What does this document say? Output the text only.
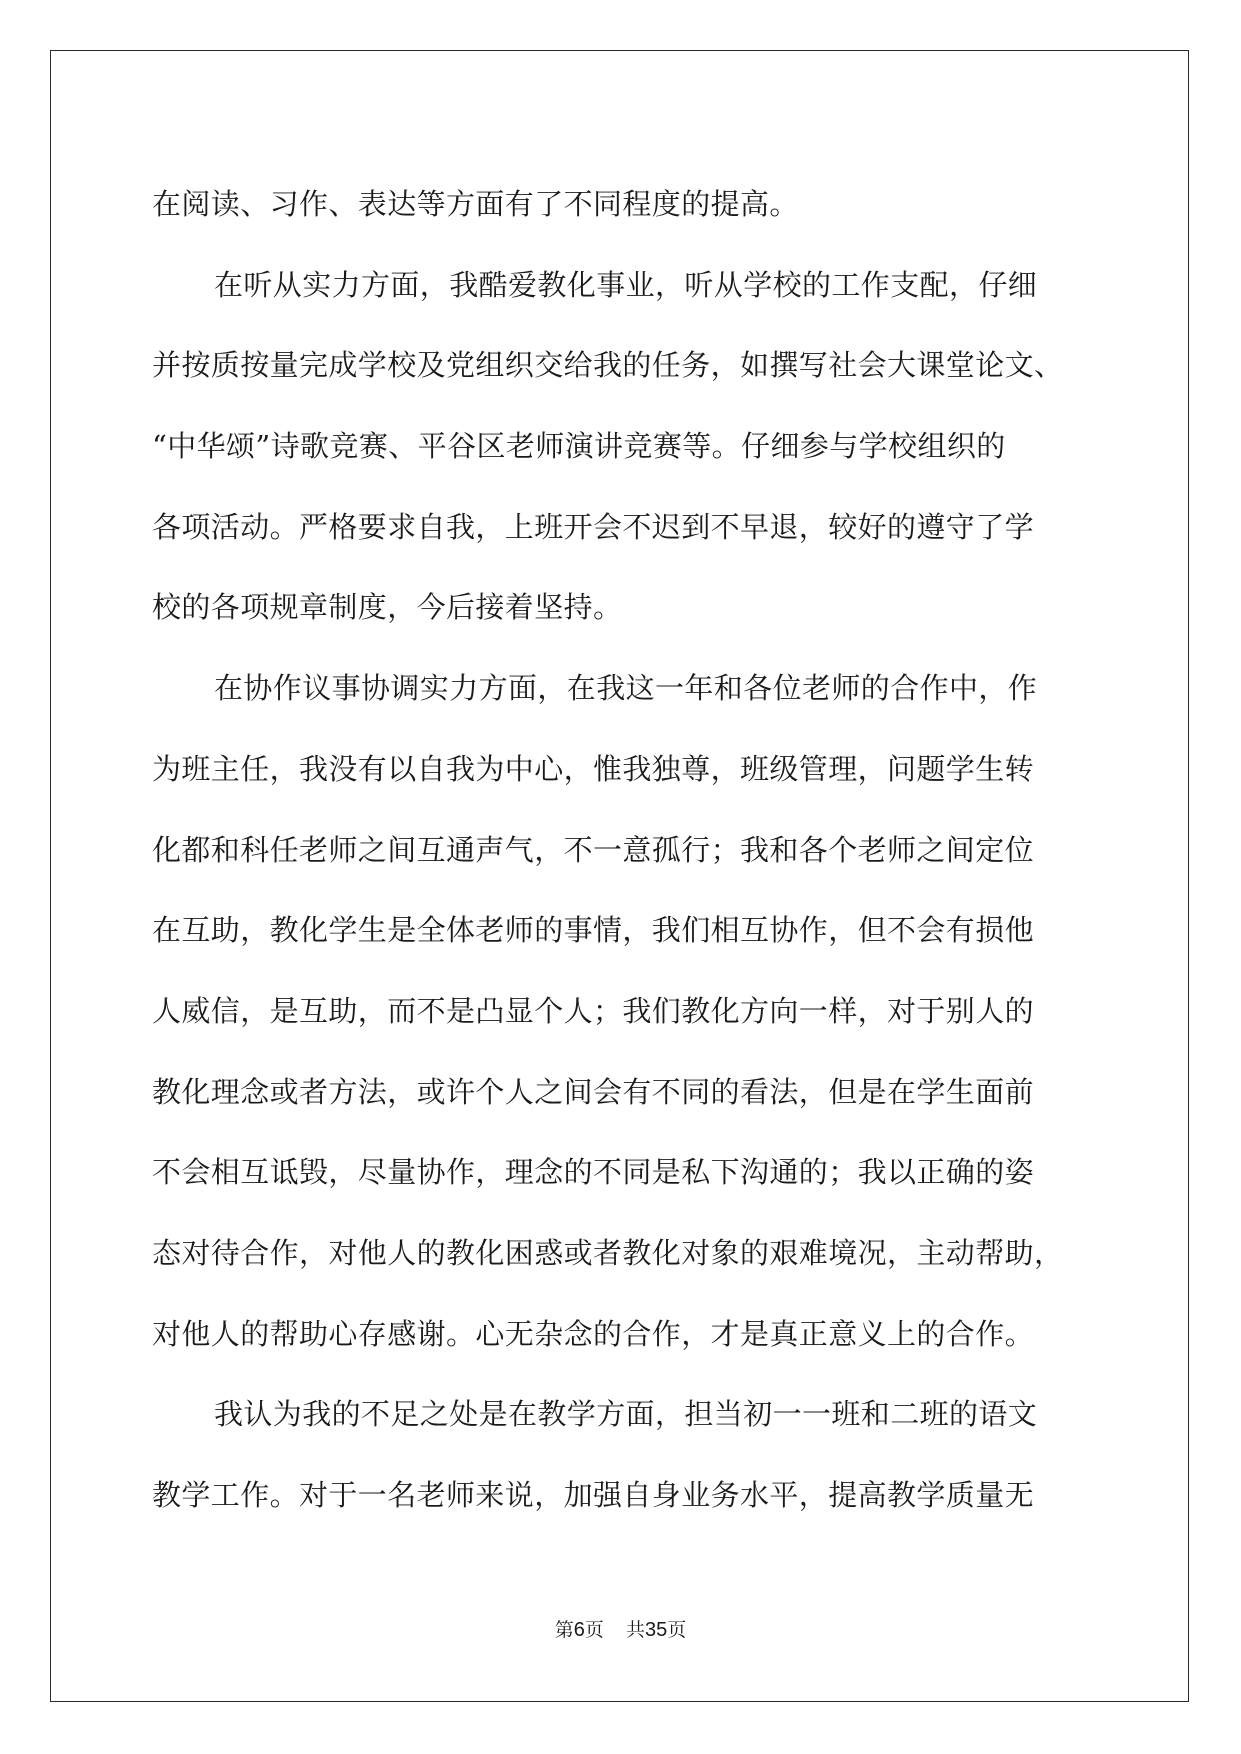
在阅读、习作、表达等方面有了不同程度的提高。
在听从实力方面，我酷爱教化事业，听从学校的工作支配，仔细
并按质按量完成学校及党组织交给我的任务，如撰写社会大课堂论文、
“中华颂”诗歌竞赛、平谷区老师演讲竞赛等。仔细参与学校组织的
各项活动。严格要求自我，上班开会不迟到不早退，较好的遵守了学
校的各项规章制度，今后接着坚持。
在协作议事协调实力方面，在我这一年和各位老师的合作中，作
为班主任，我没有以自我为中心，惟我独尊，班级管理，问题学生转
化都和科任老师之间互通声气，不一意孤行；我和各个老师之间定位
在互助，教化学生是全体老师的事情，我们相互协作，但不会有损他
人威信，是互助，而不是凸显个人；我们教化方向一样，对于别人的
教化理念或者方法，或许个人之间会有不同的看法，但是在学生面前
不会相互诋毁，尽量协作，理念的不同是私下沟通的；我以正确的姿
态对待合作，对他人的教化困惑或者教化对象的艰难境况，主动帮助，
对他人的帮助心存感谢。心无杂念的合作，才是真正意义上的合作。
我认为我的不足之处是在教学方面，担当初一一班和二班的语文
教学工作。对于一名老师来说，加强自身业务水平，提高教学质量无
第6页 共35页
